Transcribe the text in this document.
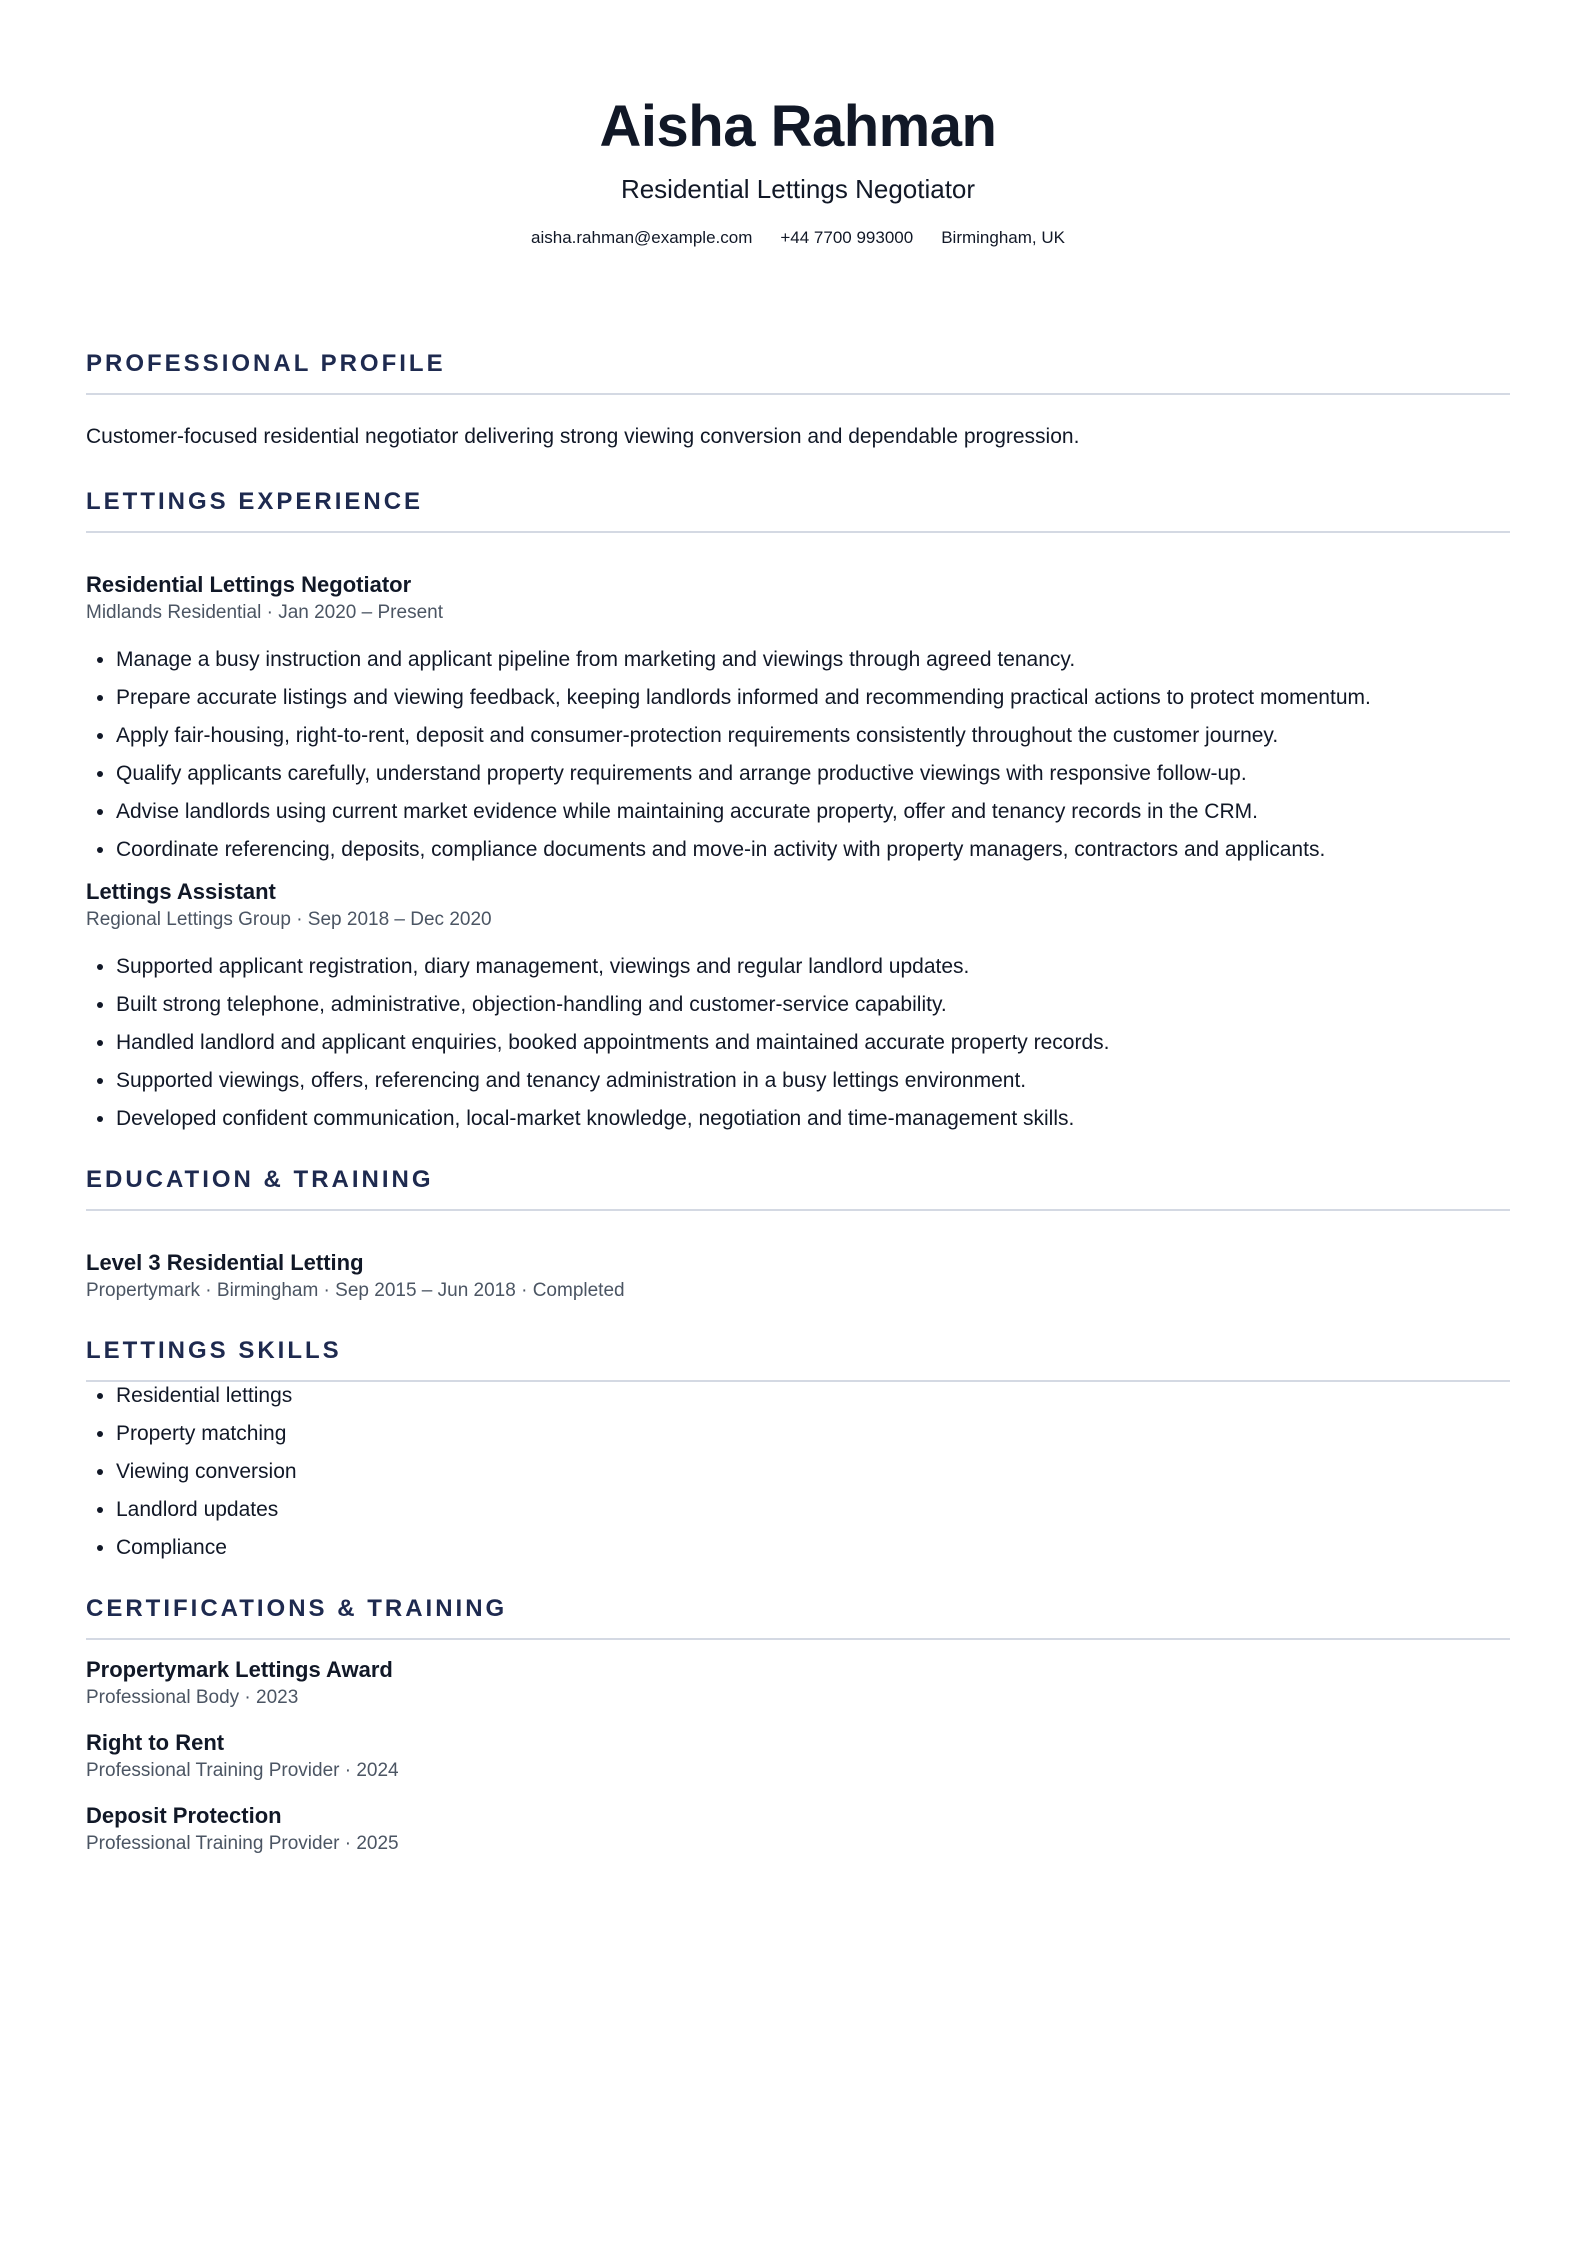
Aisha Rahman
Residential Lettings Negotiator
aisha.rahman@example.com +44 7700 993000 Birmingham, UK
PROFESSIONAL PROFILE

Customer-focused residential negotiator delivering strong viewing conversion and dependable progression.

LETTINGS EXPERIENCE
Residential Lettings Negotiator
Midlands Residential · Jan 2020 – Present
• Manage a busy instruction and applicant pipeline from marketing and viewings through agreed tenancy.
• Prepare accurate listings and viewing feedback, keeping landlords informed and recommending practical actions to protect momentum.
• Apply fair-housing, right-to-rent, deposit and consumer-protection requirements consistently throughout the customer journey.
• Qualify applicants carefully, understand property requirements and arrange productive viewings with responsive follow-up.
• Advise landlords using current market evidence while maintaining accurate property, offer and tenancy records in the CRM.
• Coordinate referencing, deposits, compliance documents and move-in activity with property managers, contractors and applicants.
Lettings Assistant
Regional Lettings Group · Sep 2018 – Dec 2020
• Supported applicant registration, diary management, viewings and regular landlord updates.
• Built strong telephone, administrative, objection-handling and customer-service capability.
• Handled landlord and applicant enquiries, booked appointments and maintained accurate property records.
• Supported viewings, offers, referencing and tenancy administration in a busy lettings environment.
• Developed confident communication, local-market knowledge, negotiation and time-management skills.
EDUCATION & TRAINING
Level 3 Residential Letting
Propertymark · Birmingham · Sep 2015 – Jun 2018 · Completed
LETTINGS SKILLS
• Residential lettings
• Property matching
• Viewing conversion
• Landlord updates
• Compliance
CERTIFICATIONS & TRAINING
Propertymark Lettings Award
Professional Body · 2023
Right to Rent
Professional Training Provider · 2024
Deposit Protection
Professional Training Provider · 2025
